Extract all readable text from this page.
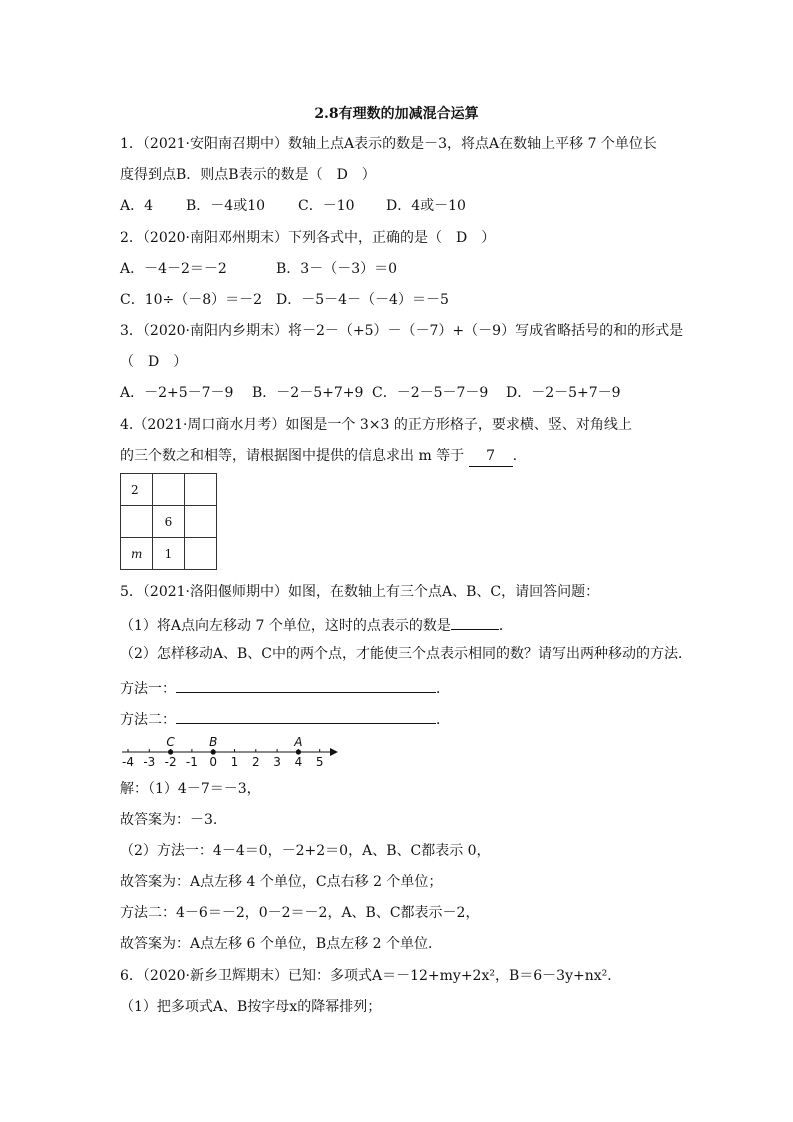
2.8有理数的加减混合运算
1．（2021·安阳南召期中）数轴上点A表示的数是－3，将点A在数轴上平移 7 个单位长
度得到点B．则点B表示的数是（　D　）
A．4 B．－4或10 C．－10 D．4或－10
2．（2020·南阳邓州期末）下列各式中，正确的是（　D　）
A．－4－2＝－2	B．3－（－3）＝0
C．10÷（－8）＝－2 D．－5－4－（－4）＝－5
3．（2020·南阳内乡期末）将－2－（+5）－（－7）+（－9）写成省略括号的和的形式是
（　D　）
A．－2+5－7－9 B．－2－5+7+9 C．－2－5－7－9 D．－2－5+7－9
4.（2021·周口商水月考）如图是一个 3×3 的正方形格子，要求横、竖、对角线上
的三个数之和相等，请根据图中提供的信息求出 m 等于 7 .
2		
	6	
m	1	
5．（2021·洛阳偃师期中）如图，在数轴上有三个点A、B、C，请回答问题：
（1）将A点向左移动 7 个单位，这时的点表示的数是	．
（2）怎样移动A、B、C中的两个点，才能使三个点表示相同的数？请写出两种移动的方法．
方法一：	．
方法二：	．
-4 -3 -2 -1 0 1 2 3 4 5
C	B	A
解：（1）4－7＝－3，
故答案为：－3.
（2）方法一：4－4＝0，－2+2＝0，A、B、C都表示 0，
故答案为：A点左移 4 个单位，C点右移 2 个单位；
方法二：4－6＝－2，0－2＝－2，A、B、C都表示－2，
故答案为：A点左移 6 个单位，B点左移 2 个单位．
6．（2020·新乡卫辉期末）已知：多项式A＝－12+my+2x²，B＝6－3y+nx²．
（1）把多项式A、B按字母x的降幂排列；
